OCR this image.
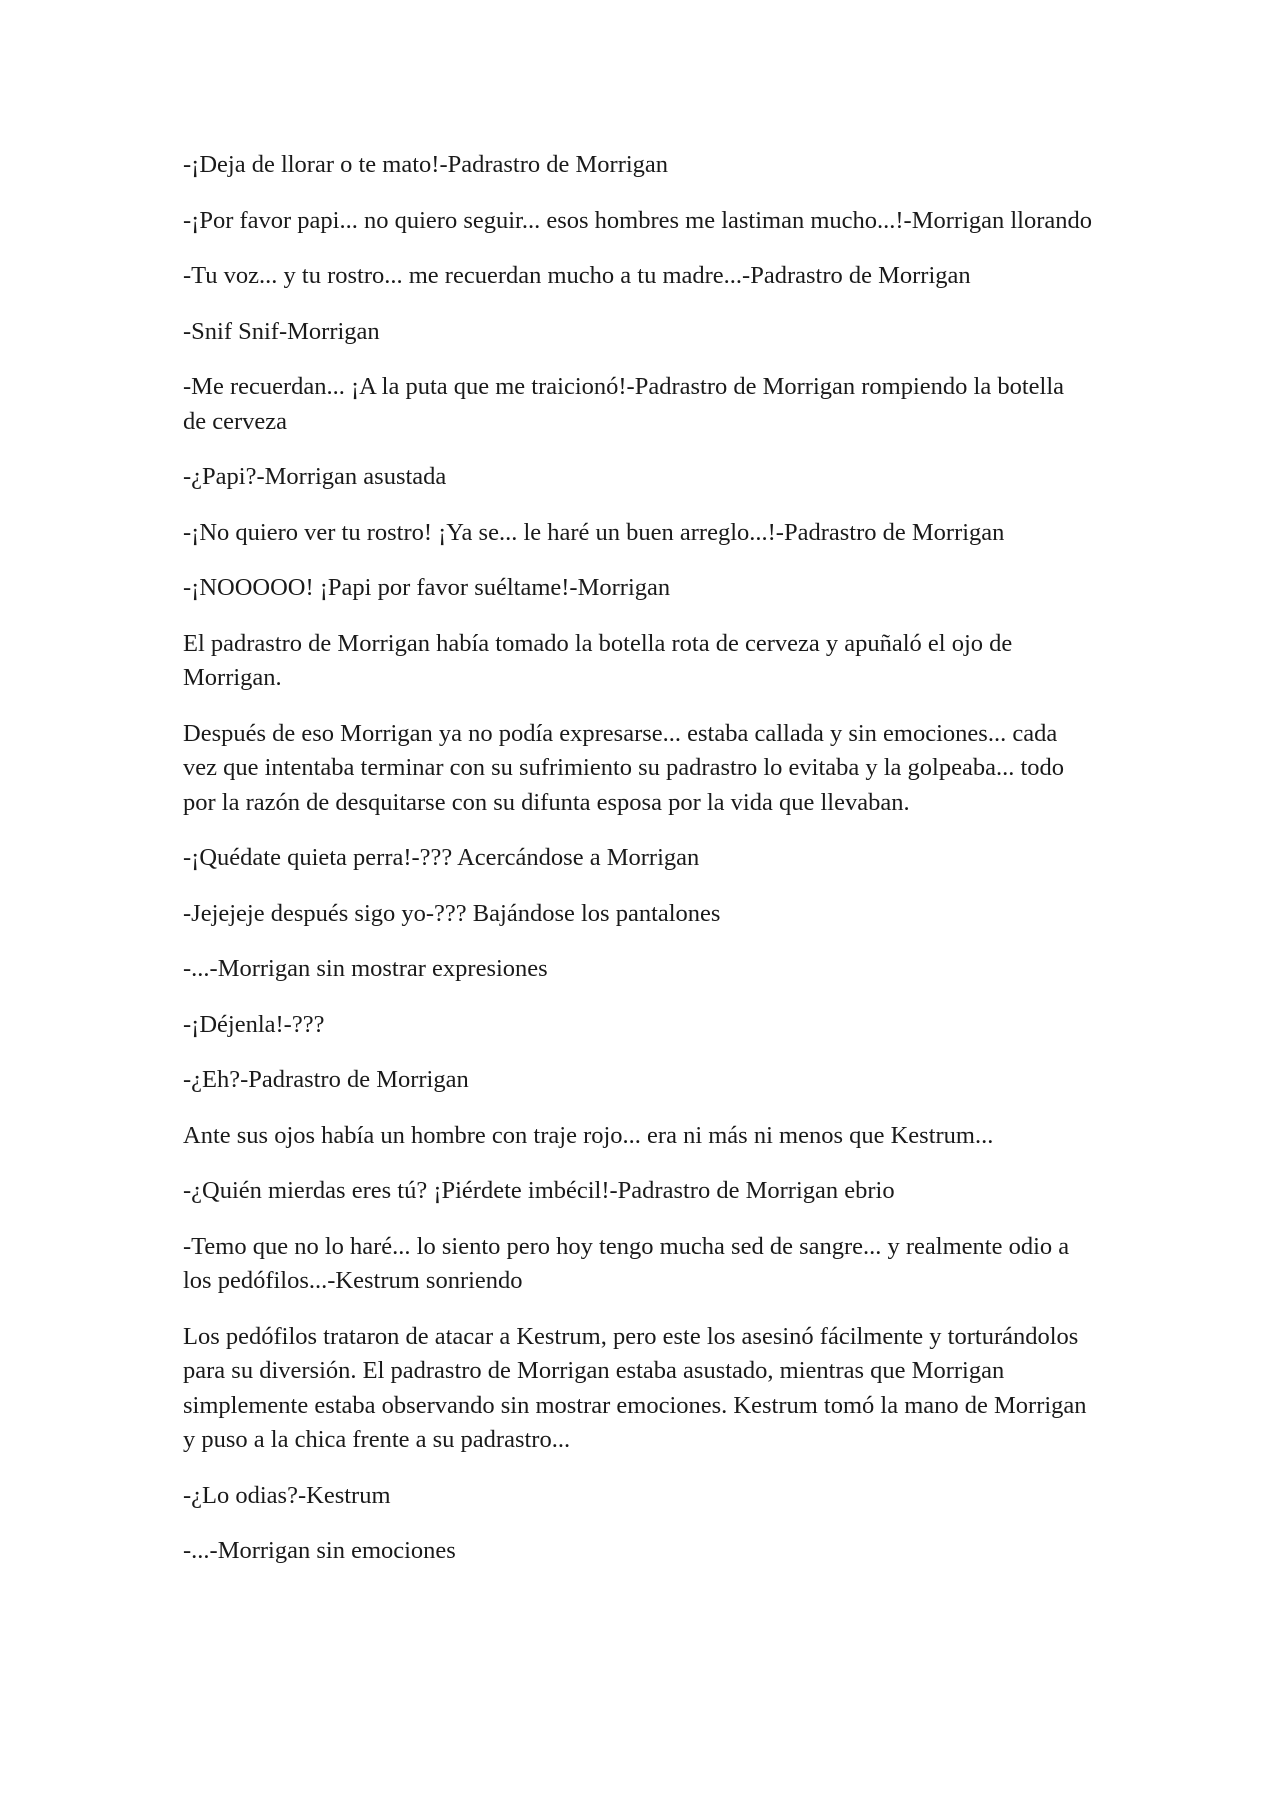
-¡Deja de llorar o te mato!-Padrastro de Morrigan

-¡Por favor papi... no quiero seguir... esos hombres me lastiman mucho...!-Morrigan llorando

-Tu voz... y tu rostro... me recuerdan mucho a tu madre...-Padrastro de Morrigan

-Snif Snif-Morrigan

-Me recuerdan... ¡A la puta que me traicionó!-Padrastro de Morrigan rompiendo la botella de cerveza

-¿Papi?-Morrigan asustada

-¡No quiero ver tu rostro! ¡Ya se... le haré un buen arreglo...!-Padrastro de Morrigan

-¡NOOOOO! ¡Papi por favor suéltame!-Morrigan

El padrastro de Morrigan había tomado la botella rota de cerveza y apuñaló el ojo de Morrigan.

Después de eso Morrigan ya no podía expresarse... estaba callada y sin emociones... cada vez que intentaba terminar con su sufrimiento su padrastro lo evitaba y la golpeaba... todo por la razón de desquitarse con su difunta esposa por la vida que llevaban.

-¡Quédate quieta perra!-??? Acercándose a Morrigan

-Jejejeje después sigo yo-??? Bajándose los pantalones

-...-Morrigan sin mostrar expresiones

-¡Déjenla!-???

-¿Eh?-Padrastro de Morrigan

Ante sus ojos había un hombre con traje rojo... era ni más ni menos que Kestrum...

-¿Quién mierdas eres tú? ¡Piérdete imbécil!-Padrastro de Morrigan ebrio

-Temo que no lo haré... lo siento pero hoy tengo mucha sed de sangre... y realmente odio a los pedófilos...-Kestrum sonriendo

Los pedófilos trataron de atacar a Kestrum, pero este los asesinó fácilmente y torturándolos para su diversión. El padrastro de Morrigan estaba asustado, mientras que Morrigan simplemente estaba observando sin mostrar emociones. Kestrum tomó la mano de Morrigan y puso a la chica frente a su padrastro...

-¿Lo odias?-Kestrum

-...-Morrigan sin emociones
